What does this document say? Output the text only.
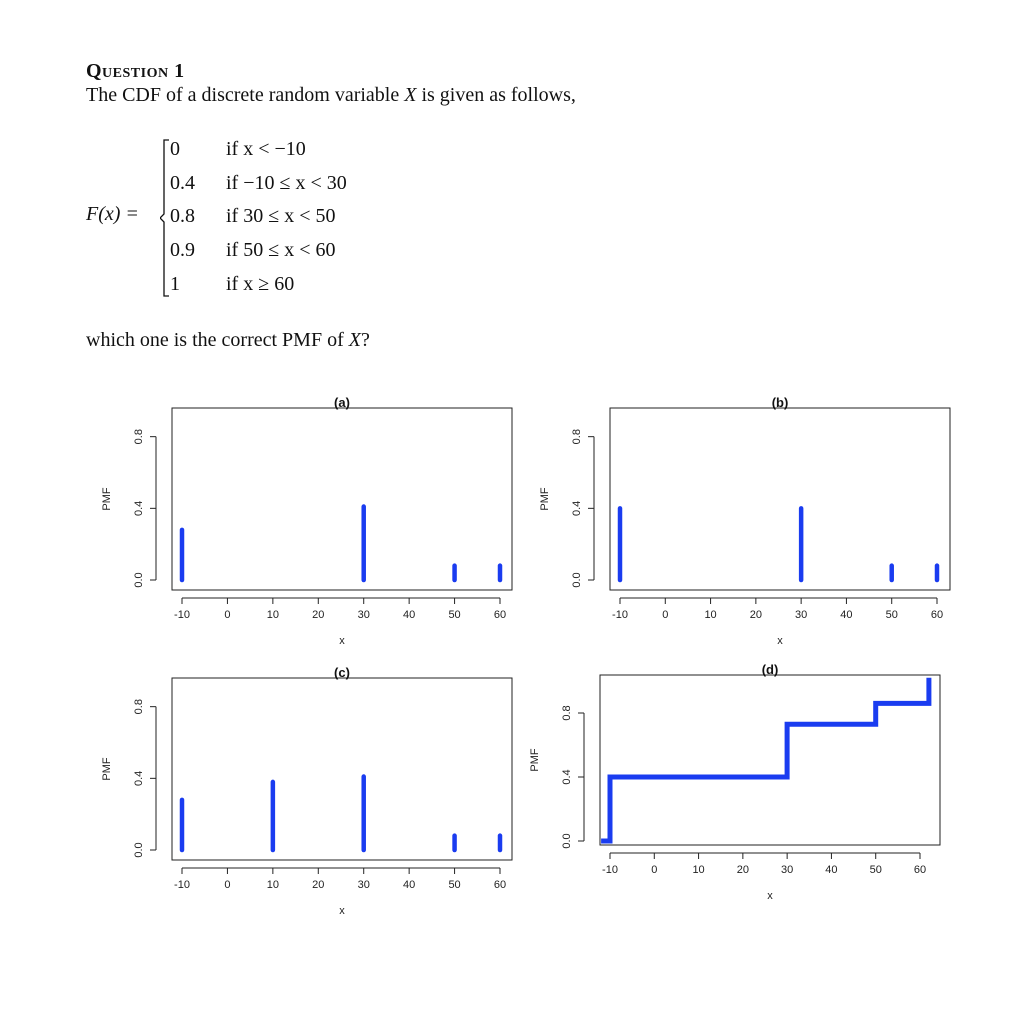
Question 1
The CDF of a discrete random variable X is given as follows,
F(x) =
0 if x < −10
0.4 if −10 ≤ x < 30
0.8 if 30 ≤ x < 50
0.9 if 50 ≤ x < 60
1 if x ≥ 60
which one is the correct PMF of X?
(a)
0.0
0.4
0.8
PMF
-10	0	10	20	30	40	50	60
x
(b)
0.0
0.4
0.8
PMF
-10	0	10	20	30	40	50	60
x
(c)
0.0
0.4
0.8
PMF
-10	0	10	20	30	40	50	60
x
(d)
0.0
0.4
0.8
PMF
-10	0	10	20	30	40	50	60
x
